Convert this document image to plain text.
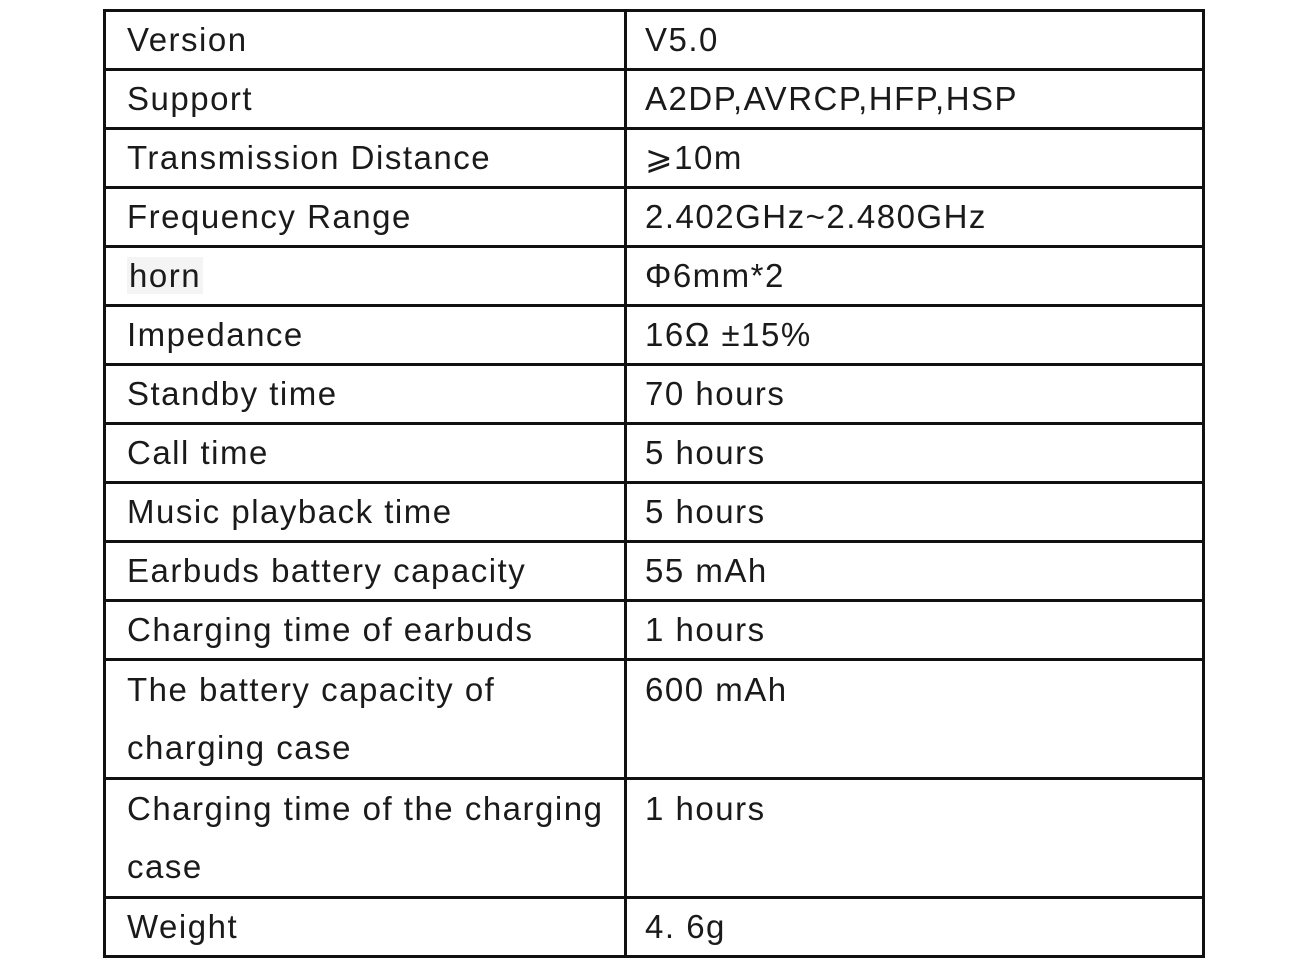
Version	V5.0
Support	A2DP,AVRCP,HFP,HSP
Transmission Distance	⩾10m
Frequency Range	2.402GHz~2.480GHz
horn	Φ6mm*2
Impedance	16Ω ±15%
Standby time	70 hours
Call time	5 hours
Music playback time	5 hours
Earbuds battery capacity	55 mAh
Charging time of earbuds	1 hours
The battery capacity of charging case	600 mAh
Charging time of the charging case	1 hours
Weight	4. 6g
